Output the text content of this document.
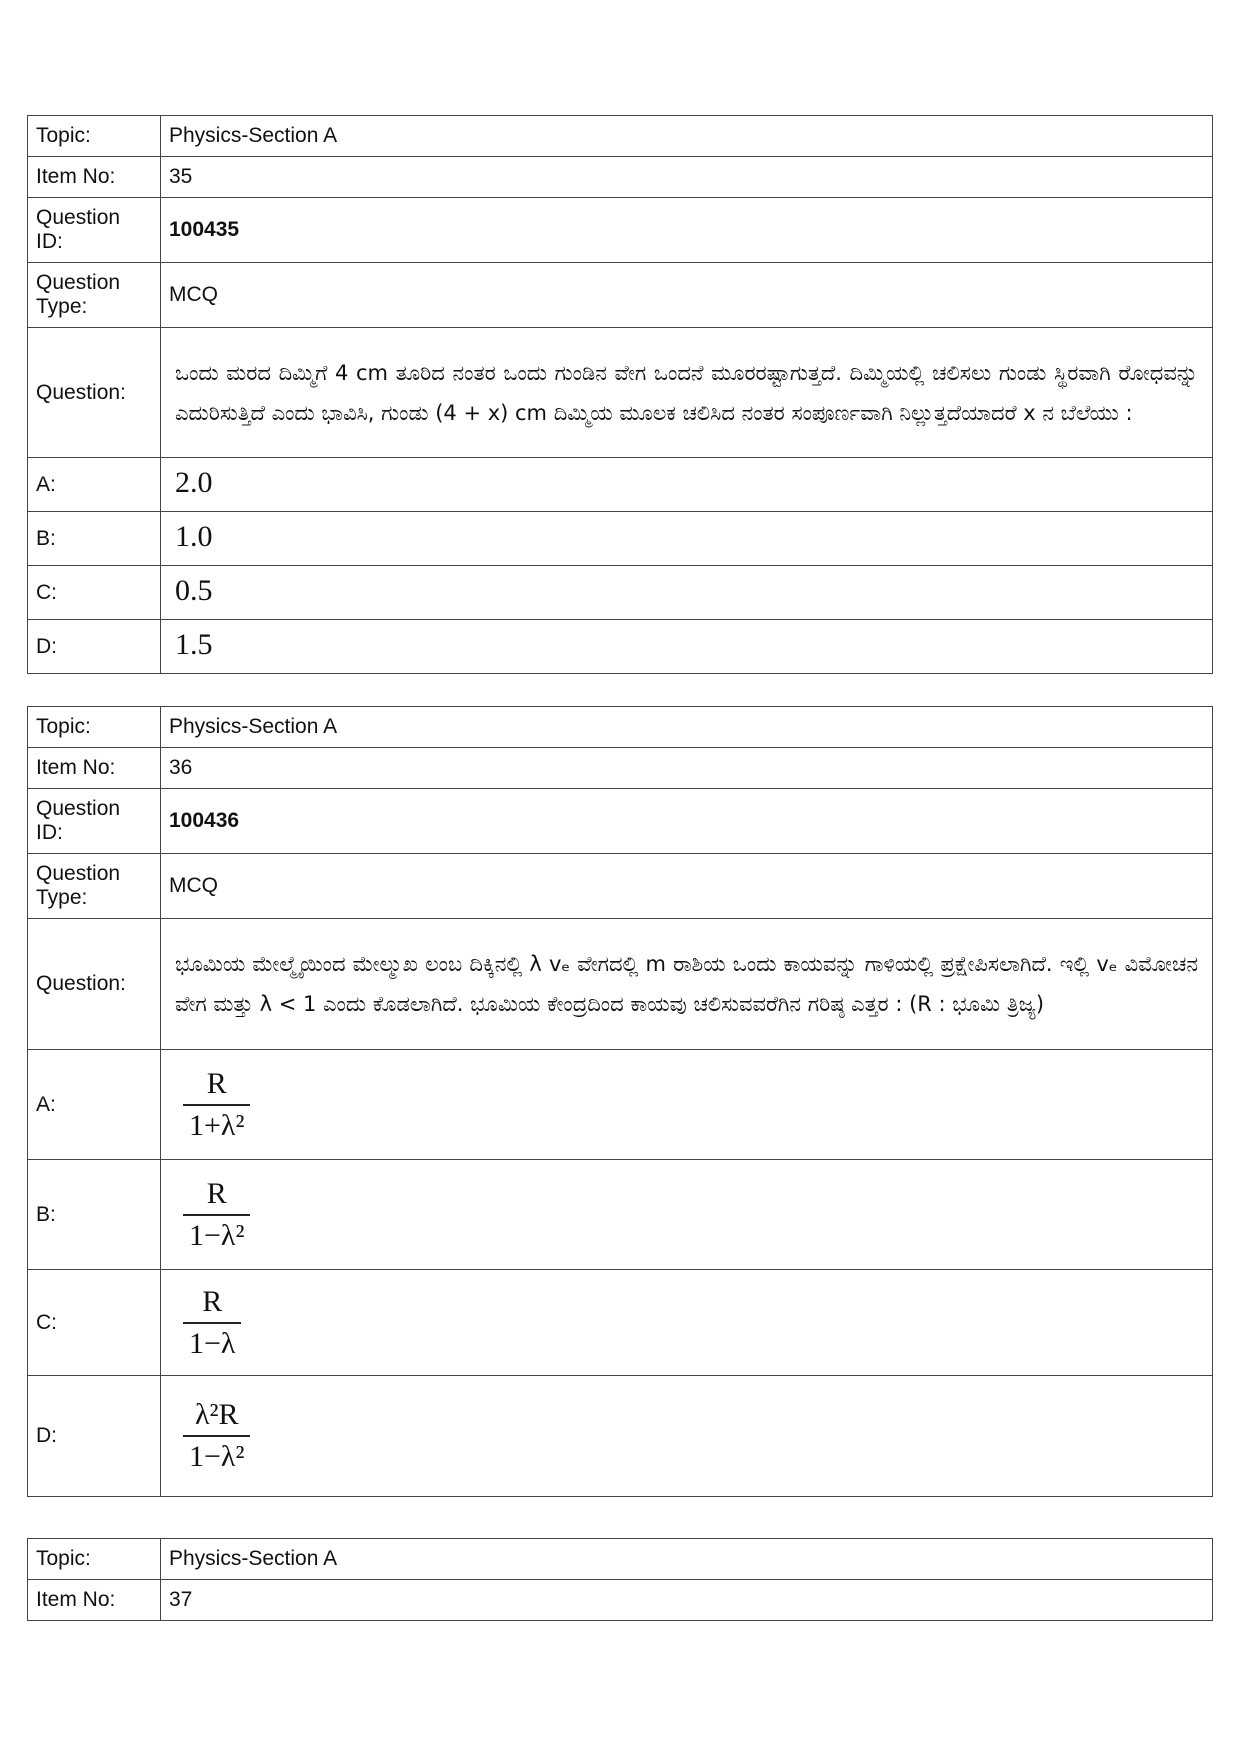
Topic:	Physics-Section A
Item No:	35
Question ID:	100435
Question Type:	MCQ
Question:	ಒಂದು ಮರದ ದಿಮ್ಮಿಗೆ 4 cm ತೂರಿದ ನಂತರ ಒಂದು ಗುಂಡಿನ ವೇಗ ಒಂದನೆ ಮೂರರಷ್ಟಾಗುತ್ತದೆ. ದಿಮ್ಮಿಯಲ್ಲಿ ಚಲಿಸಲು ಗುಂಡು ಸ್ಥಿರವಾಗಿ ರೋಧವನ್ನು ಎದುರಿಸುತ್ತಿದೆ ಎಂದು ಭಾವಿಸಿ, ಗುಂಡು (4 + x) cm ದಿಮ್ಮಿಯ ಮೂಲಕ ಚಲಿಸಿದ ನಂತರ ಸಂಪೂರ್ಣವಾಗಿ ನಿಲ್ಲುತ್ತದೆಯಾದರೆ x ನ ಬೆಲೆಯು :

A:	2.0
B:	1.0
C:	0.5
D:	1.5
Topic:	Physics-Section A
Item No:	36
Question ID:	100436
Question Type:	MCQ
Question:	ಭೂಮಿಯ ಮೇಲ್ಮೈಯಿಂದ ಮೇಲ್ಮುಖ ಲಂಬ ದಿಕ್ಕಿನಲ್ಲಿ λ vₑ ವೇಗದಲ್ಲಿ m ರಾಶಿಯ ಒಂದು ಕಾಯವನ್ನು ಗಾಳಿಯಲ್ಲಿ ಪ್ರಕ್ಷೇಪಿಸಲಾಗಿದೆ. ಇಲ್ಲಿ vₑ ವಿಮೋಚನ ವೇಗ ಮತ್ತು λ < 1 ಎಂದು ಕೊಡಲಾಗಿದೆ. ಭೂಮಿಯ ಕೇಂದ್ರದಿಂದ ಕಾಯವು ಚಲಿಸುವವರೆಗಿನ ಗರಿಷ್ಠ ಎತ್ತರ : (R : ಭೂಮಿ ತ್ರಿಜ್ಯ)

A:	$\frac{R}{\text{1+λ²}}$

B:	$\frac{R}{\text{1−λ²}}$

C:	$\frac{R}{1-\lambda}$

D:	$\frac{\text{λ²R}}{\text{1−λ²}}$
Topic:	Physics-Section A
Item No:	37
